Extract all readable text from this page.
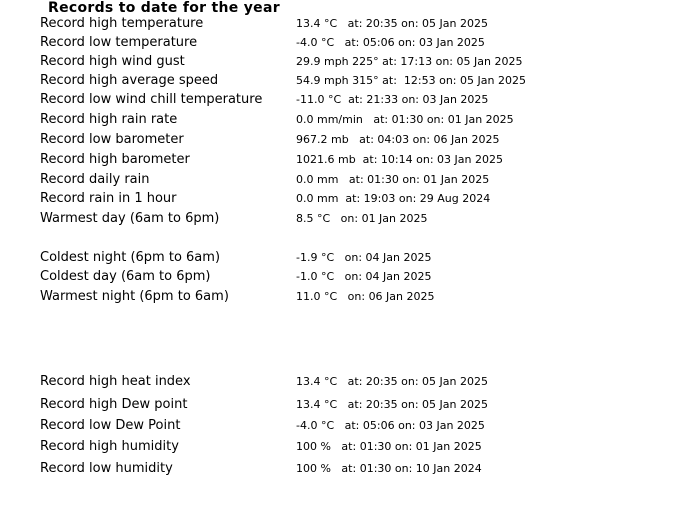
Records to date for the year
Record high temperature	13.4 °C   at: 20:35 on: 05 Jan 2025
Record low temperature	-4.0 °C   at: 05:06 on: 03 Jan 2025
Record high wind gust	29.9 mph 225° at: 17:13 on: 05 Jan 2025
Record high average speed	54.9 mph 315° at:  12:53 on: 05 Jan 2025
Record low wind chill temperature	-11.0 °C  at: 21:33 on: 03 Jan 2025
Record high rain rate	0.0 mm/min   at: 01:30 on: 01 Jan 2025
Record low barometer	967.2 mb   at: 04:03 on: 06 Jan 2025
Record high barometer	1021.6 mb  at: 10:14 on: 03 Jan 2025
Record daily rain	0.0 mm   at: 01:30 on: 01 Jan 2025
Record rain in 1 hour	0.0 mm  at: 19:03 on: 29 Aug 2024
Warmest day (6am to 6pm)	8.5 °C   on: 01 Jan 2025
Coldest night (6pm to 6am)	-1.9 °C   on: 04 Jan 2025
Coldest day (6am to 6pm)	-1.0 °C   on: 04 Jan 2025
Warmest night (6pm to 6am)	11.0 °C   on: 06 Jan 2025
Record high heat index	13.4 °C   at: 20:35 on: 05 Jan 2025
Record high Dew point	13.4 °C   at: 20:35 on: 05 Jan 2025
Record low Dew Point	-4.0 °C   at: 05:06 on: 03 Jan 2025
Record high humidity	100 %   at: 01:30 on: 01 Jan 2025
Record low humidity	100 %   at: 01:30 on: 10 Jan 2024
